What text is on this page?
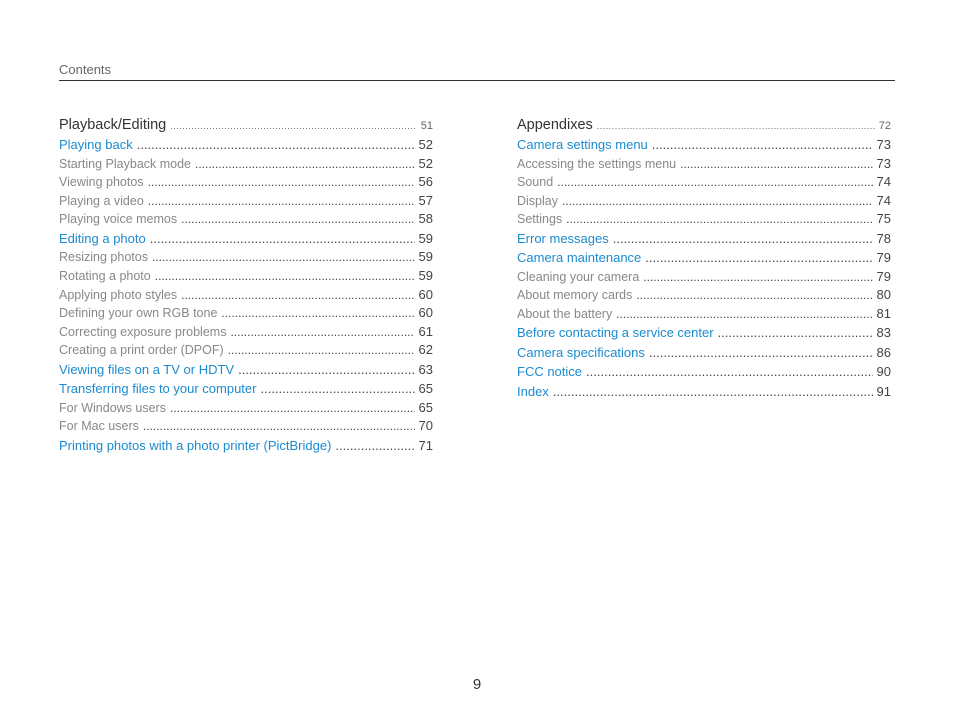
Contents
Playback/Editing .....	51
Playing back .....	52
Starting Playback mode .....	52
Viewing photos .....	56
Playing a video .....	57
Playing voice memos .....	58
Editing a photo .....	59
Resizing photos .....	59
Rotating a photo .....	59
Applying photo styles .....	60
Defining your own RGB tone .....	60
Correcting exposure problems .....	61
Creating a print order (DPOF) .....	62
Viewing files on a TV or HDTV .....	63
Transferring files to your computer .....	65
For Windows users .....	65
For Mac users .....	70
Printing photos with a photo printer (PictBridge) .....	71
Appendixes .....	72
Camera settings menu .....	73
Accessing the settings menu .....	73
Sound .....	74
Display .....	74
Settings .....	75
Error messages .....	78
Camera maintenance .....	79
Cleaning your camera .....	79
About memory cards .....	80
About the battery .....	81
Before contacting a service center .....	83
Camera specifications .....	86
FCC notice .....	90
Index .....	91
9
